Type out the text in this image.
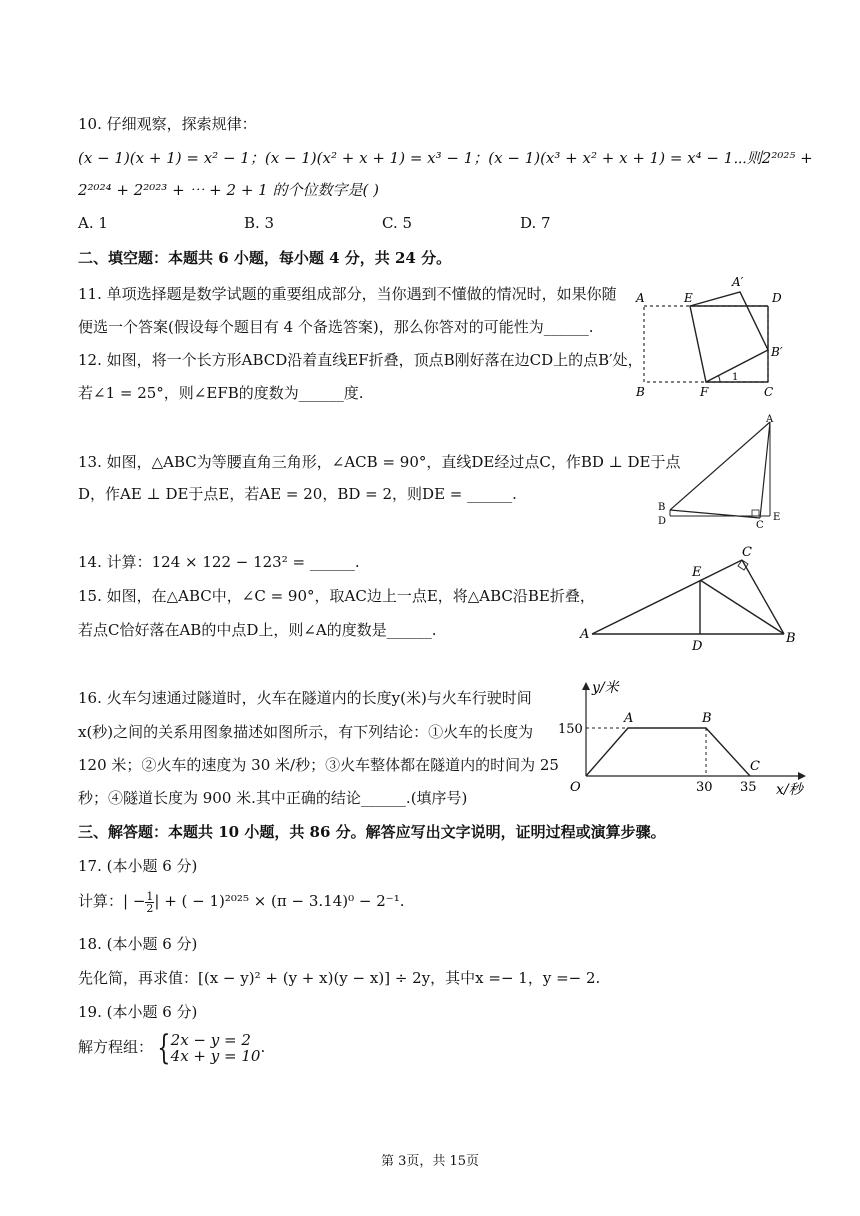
10. 仔细观察，探索规律：
(x − 1)(x + 1) = x² − 1；(x − 1)(x² + x + 1) = x³ − 1；(x − 1)(x³ + x² + x + 1) = x⁴ − 1⋯则2²⁰²⁵ +
2²⁰²⁴ + 2²⁰²³ + ⋯ + 2 + 1 的个位数字是( )
A. 1	B. 3	C. 5	D. 7
二、填空题：本题共 6 小题，每小题 4 分，共 24 分。
11. 单项选择题是数学试题的重要组成部分，当你遇到不懂做的情况时，如果你随
便选一个答案(假设每个题目有 4 个备选答案)，那么你答对的可能性为______.
12. 如图，将一个长方形ABCD沿着直线EF折叠，顶点B刚好落在边CD上的点B′处，
若∠1 = 25°，则∠EFB的度数为______度.
A	E
A′
D
B′
B	F
1
C
13. 如图，△ABC为等腰直角三角形，∠ACB = 90°，直线DE经过点C，作BD ⊥ DE于点
D，作AE ⊥ DE于点E，若AE = 20，BD = 2，则DE = ______.
A
B
D	C
E
14. 计算：124 × 122 − 123² = ______.
15. 如图，在△ABC中，∠C = 90°，取AC边上一点E，将△ABC沿BE折叠，
若点C恰好落在AB的中点D上，则∠A的度数是______.
C
E
A
D
B
16. 火车匀速通过隧道时，火车在隧道内的长度y(米)与火车行驶时间
x(秒)之间的关系用图象描述如图所示，有下列结论：①火车的长度为
120 米；②火车的速度为 30 米/秒；③火车整体都在隧道内的时间为 25
秒；④隧道长度为 900 米.其中正确的结论______.(填序号)
y/米
x/秒
150
30 35
O
A	B
C
三、解答题：本题共 10 小题，共 86 分。解答应写出文字说明，证明过程或演算步骤。
17. (本小题 6 分)
计算：| − $\frac{1}{2}$ | + ( − 1)²⁰²⁵ × (π − 3.14)⁰ − 2⁻¹.
18. (本小题 6 分)
先化简，再求值：[(x − y)² + (y + x)(y − x)] ÷ 2y，其中x =− 1，y =− 2.
19. (本小题 6 分)
解方程组： { 2x − y = 2
4x + y = 10 .
第 3页，共 15页
